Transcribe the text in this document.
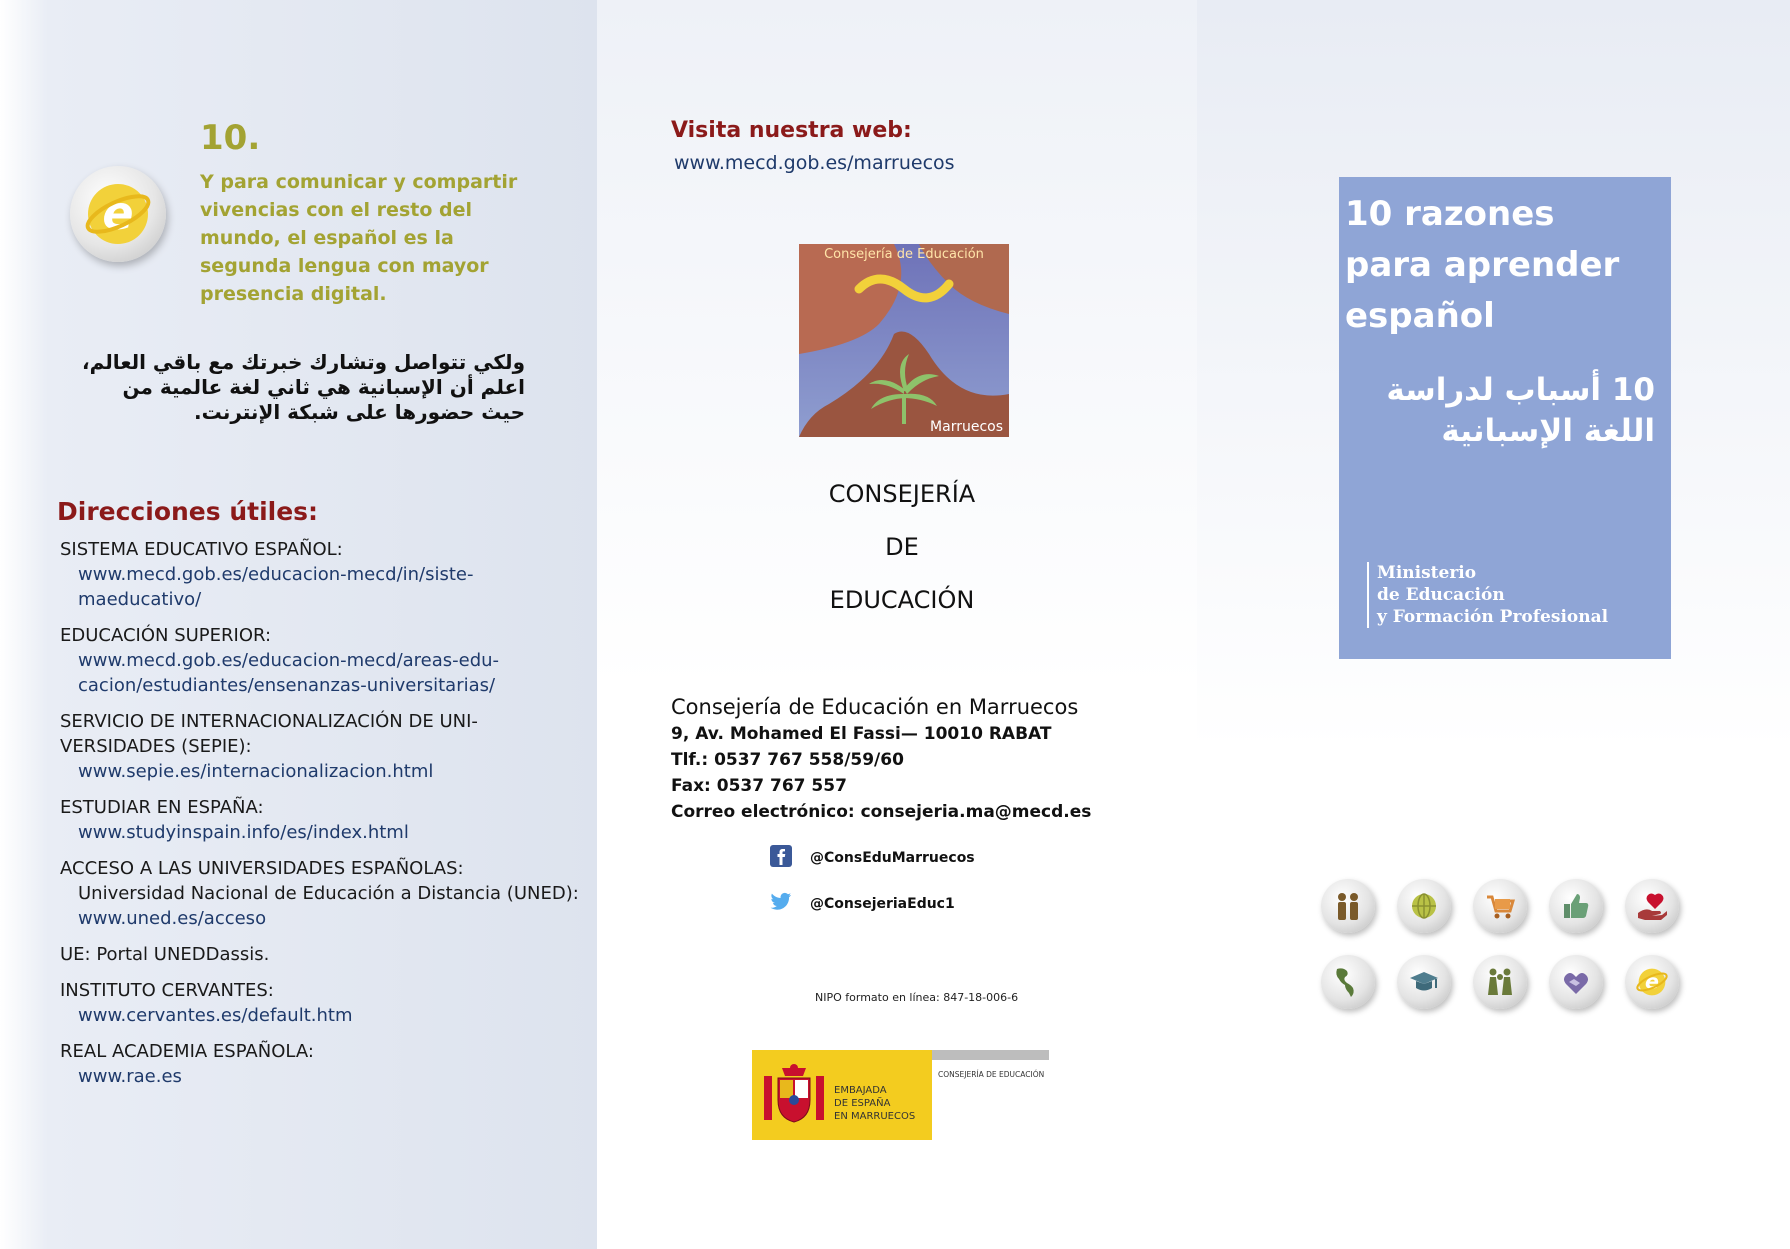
10.
e
Y para comunicar y compartir vivencias con el resto del mundo, el español es la segunda lengua con mayor presencia digital.
ولكي تتواصل وتشارك خبرتك مع باقي العالم، اعلم أن الإسبانية هي ثاني لغة عالمية من حيث حضورها على شبكة الإنترنت.
Direcciones útiles:
SISTEMA EDUCATIVO ESPAÑOL:
www.mecd.gob.es/educacion-mecd/in/siste-maeducativo/
EDUCACIÓN SUPERIOR:
www.mecd.gob.es/educacion-mecd/areas-edu-cacion/estudiantes/ensenanzas-universitarias/
SERVICIO DE INTERNACIONALIZACIÓN DE UNI-VERSIDADES (SEPIE):
www.sepie.es/internacionalizacion.html
ESTUDIAR EN ESPAÑA:
www.studyinspain.info/es/index.html
ACCESO A LAS UNIVERSIDADES ESPAÑOLAS:
Universidad Nacional de Educación a Distancia (UNED):
www.uned.es/acceso
UE: Portal UNEDDassis.
INSTITUTO CERVANTES:
www.cervantes.es/default.htm
REAL ACADEMIA ESPAÑOLA:
www.rae.es
Visita nuestra web:
www.mecd.gob.es/marruecos
Consejería de Educación
Marruecos
CONSEJERÍA
DE
EDUCACIÓN
Consejería de Educación en Marruecos
9, Av. Mohamed El Fassi— 10010 RABAT
Tlf.: 0537 767 558/59/60
Fax: 0537 767 557
Correo electrónico: consejeria.ma@mecd.es
@ConsEduMarruecos
@ConsejeriaEduc1
NIPO formato en línea: 847-18-006-6
EMBAJADA
DE ESPAÑA
EN MARRUECOS
CONSEJERÍA DE EDUCACIÓN
10 razones
para aprender
español
10 أسباب لدراسة
اللغة الإسبانية
Ministerio
de Educación
y Formación Profesional
e
